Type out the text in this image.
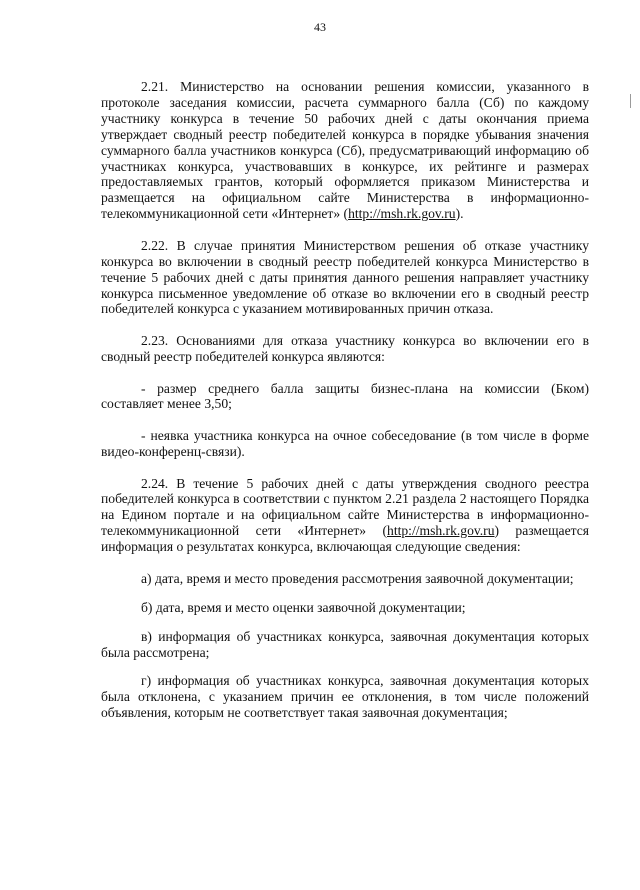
43

2.21. Министерство на основании решения комиссии, указанного в протоколе заседания комиссии, расчета суммарного балла (Сб) по каждому участнику конкурса в течение 50 рабочих дней с даты окончания приема утверждает сводный реестр победителей конкурса в порядке убывания значения суммарного балла участников конкурса (Сб), предусматривающий информацию об участниках конкурса, участвовавших в конкурсе, их рейтинге и размерах предоставляемых грантов, который оформляется приказом Министерства и размещается на официальном сайте Министерства в информационно-телекоммуникационной сети «Интернет» (http://msh.rk.gov.ru).

2.22. В случае принятия Министерством решения об отказе участнику конкурса во включении в сводный реестр победителей конкурса Министерство в течение 5 рабочих дней с даты принятия данного решения направляет участнику конкурса письменное уведомление об отказе во включении его в сводный реестр победителей конкурса с указанием мотивированных причин отказа.

2.23. Основаниями для отказа участнику конкурса во включении его в сводный реестр победителей конкурса являются:

- размер среднего балла защиты бизнес-плана на комиссии (Бком) составляет менее 3,50;

- неявка участника конкурса на очное собеседование (в том числе в форме видео-конференц-связи).

2.24. В течение 5 рабочих дней с даты утверждения сводного реестра победителей конкурса в соответствии с пунктом 2.21 раздела 2 настоящего Порядка на Едином портале и на официальном сайте Министерства в информационно-телекоммуникационной сети «Интернет» (http://msh.rk.gov.ru) размещается информация о результатах конкурса, включающая следующие сведения:

а) дата, время и место проведения рассмотрения заявочной документации;

б) дата, время и место оценки заявочной документации;

в) информация об участниках конкурса, заявочная документация которых была рассмотрена;

г) информация об участниках конкурса, заявочная документация которых была отклонена, с указанием причин ее отклонения, в том числе положений объявления, которым не соответствует такая заявочная документация;
